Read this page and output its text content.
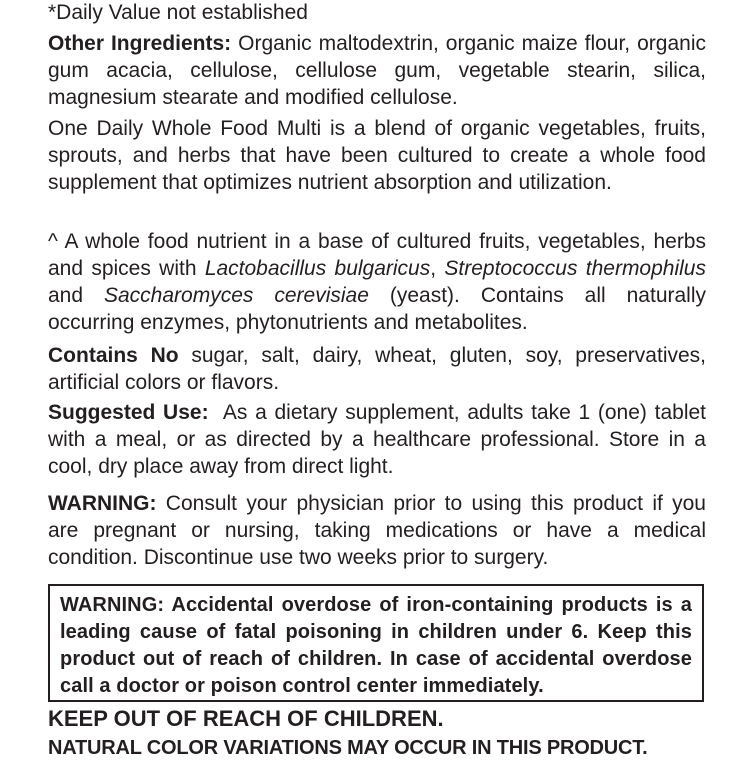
*Daily Value not established

Other Ingredients: Organic maltodextrin, organic maize flour, organic gum acacia, cellulose, cellulose gum, vegetable stearin, silica, magnesium stearate and modified cellulose.

One Daily Whole Food Multi is a blend of organic vegetables, fruits, sprouts, and herbs that have been cultured to create a whole food supplement that optimizes nutrient absorption and utilization.

^ A whole food nutrient in a base of cultured fruits, vegetables, herbs and spices with Lactobacillus bulgaricus, Streptococcus thermophilus and Saccharomyces cerevisiae (yeast). Contains all naturally occurring enzymes, phytonutrients and metabolites.

Contains No sugar, salt, dairy, wheat, gluten, soy, preservatives, artificial colors or flavors.

Suggested Use:  As a dietary supplement, adults take 1 (one) tablet with a meal, or as directed by a healthcare professional. Store in a cool, dry place away from direct light.

WARNING: Consult your physician prior to using this product if you are pregnant or nursing, taking medications or have a medical condition. Discontinue use two weeks prior to surgery.

WARNING: Accidental overdose of iron-containing products is a leading cause of fatal poisoning in children under 6. Keep this product out of reach of children. In case of accidental overdose call a doctor or poison control center immediately.

KEEP OUT OF REACH OF CHILDREN.

NATURAL COLOR VARIATIONS MAY OCCUR IN THIS PRODUCT.
